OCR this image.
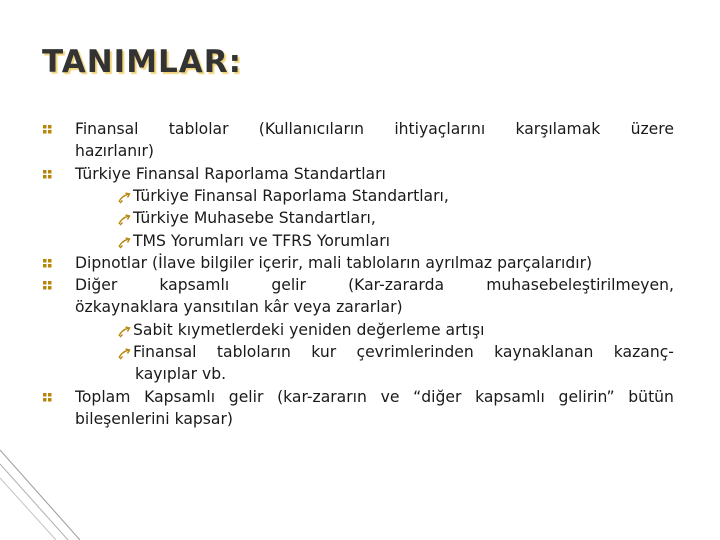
TANIMLAR:
Finansal tablolar (Kullanıcıların ihtiyaçlarını karşılamak üzere
hazırlanır)
Türkiye Finansal Raporlama Standartları
Türkiye Finansal Raporlama Standartları,
Türkiye Muhasebe Standartları,
TMS Yorumları ve TFRS Yorumları
Dipnotlar (İlave bilgiler içerir, mali tabloların ayrılmaz parçalarıdır)
Diğer	kapsamlı	gelir	(Kar-zararda	muhasebeleştirilmeyen,
özkaynaklara yansıtılan kâr veya zararlar)
Sabit kıymetlerdeki yeniden değerleme artışı
Finansal tabloların kur çevrimlerinden kaynaklanan kazanç-
kayıplar vb.
Toplam Kapsamlı gelir (kar-zararın ve “diğer kapsamlı gelirin” bütün
bileşenlerini kapsar)
